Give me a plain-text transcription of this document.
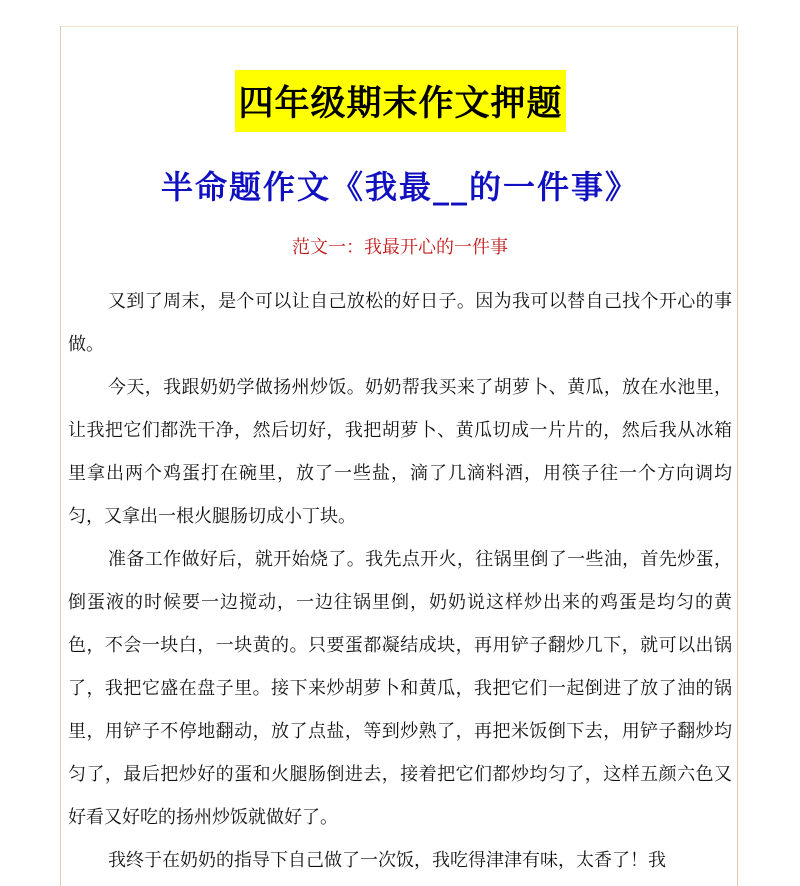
四年级期末作文押题
半命题作文《我最__的一件事》
范文一：我最开心的一件事

又到了周末，是个可以让自己放松的好日子。因为我可以替自己找个开心的事做。

今天，我跟奶奶学做扬州炒饭。奶奶帮我买来了胡萝卜、黄瓜，放在水池里，让我把它们都洗干净，然后切好，我把胡萝卜、黄瓜切成一片片的，然后我从冰箱里拿出两个鸡蛋打在碗里，放了一些盐，滴了几滴料酒，用筷子往一个方向调均匀，又拿出一根火腿肠切成小丁块。

准备工作做好后，就开始烧了。我先点开火，往锅里倒了一些油，首先炒蛋，倒蛋液的时候要一边搅动，一边往锅里倒，奶奶说这样炒出来的鸡蛋是均匀的黄色，不会一块白，一块黄的。只要蛋都凝结成块，再用铲子翻炒几下，就可以出锅了，我把它盛在盘子里。接下来炒胡萝卜和黄瓜，我把它们一起倒进了放了油的锅里，用铲子不停地翻动，放了点盐，等到炒熟了，再把米饭倒下去，用铲子翻炒均匀了，最后把炒好的蛋和火腿肠倒进去，接着把它们都炒均匀了，这样五颜六色又好看又好吃的扬州炒饭就做好了。

我终于在奶奶的指导下自己做了一次饭，我吃得津津有味，太香了！我
